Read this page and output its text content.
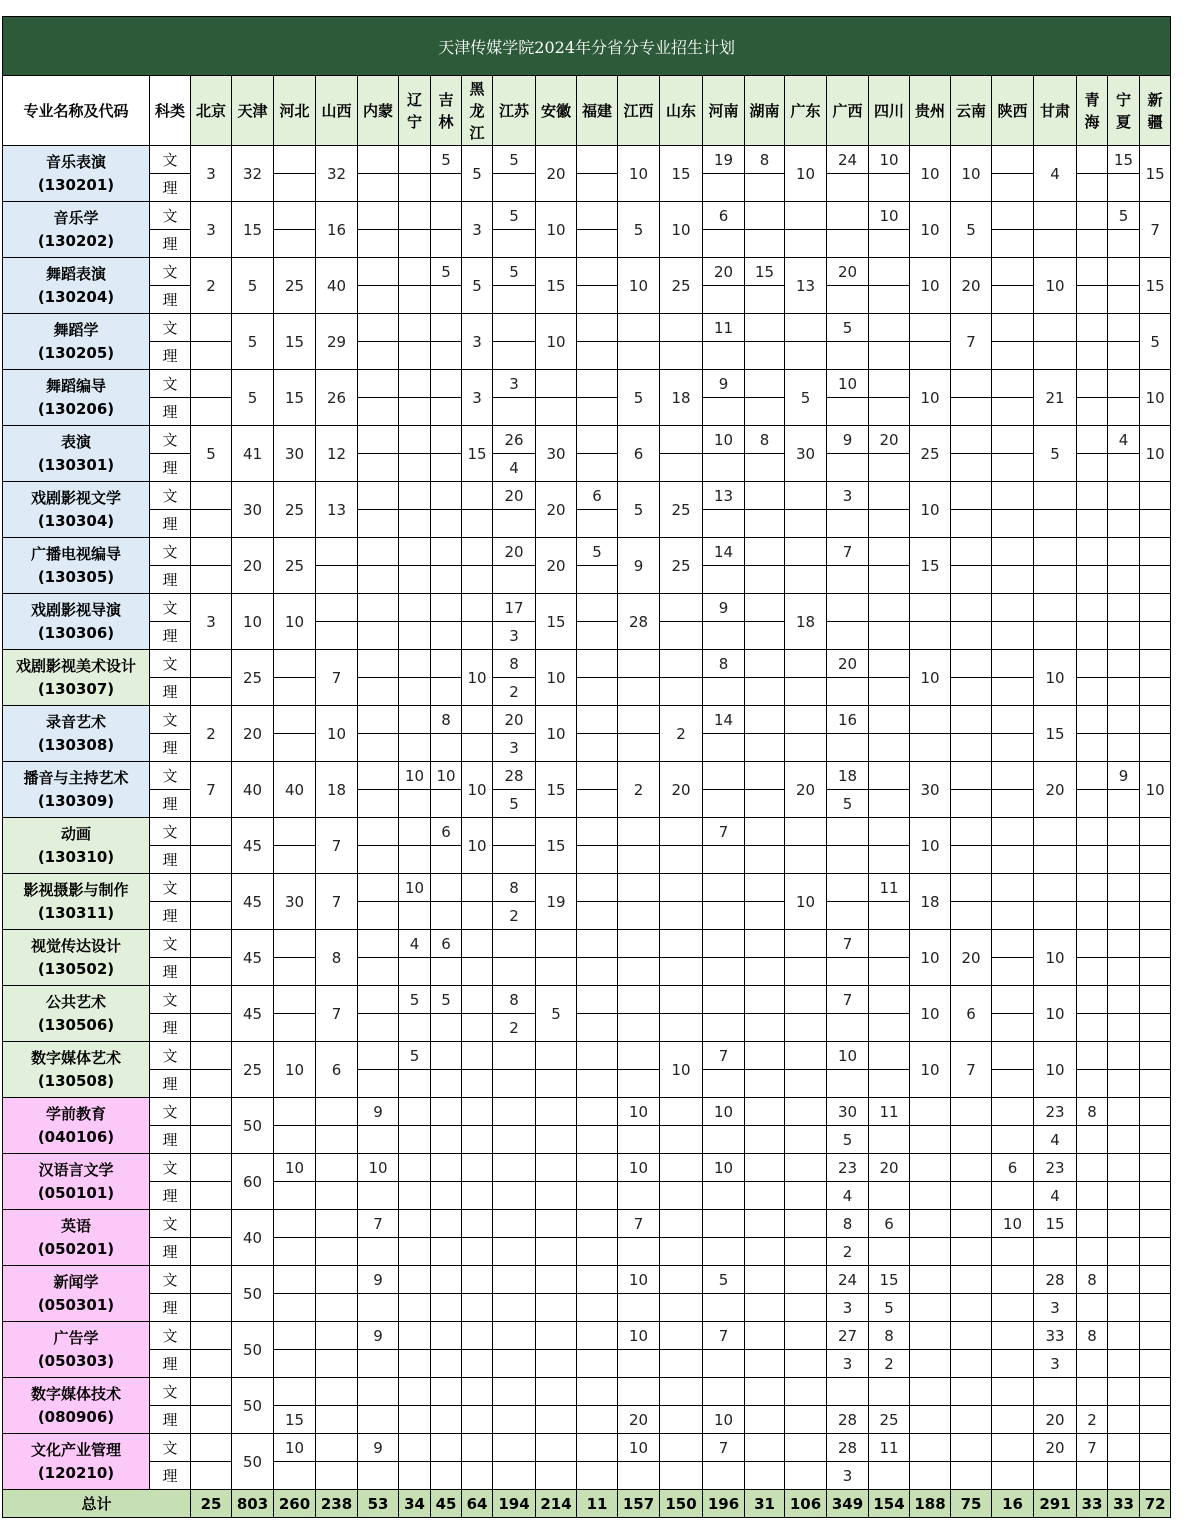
天津传媒学院2024年分省分专业招生计划																										
专业名称及代码	科类	北京	天津	河北	山西	内蒙	辽宁	吉林	黑龙江	江苏	安徽	福建	江西	山东	河南	湖南	广东	广西	四川	贵州	云南	陕西	甘肃	青海	宁夏	新疆

音乐表演
(130201)	文	3	32		32			5	5	5	20		10	15	19	8	10	24	10	10	10		4		15	15
	理																									

音乐学
(130202)	文	3	15		16				3	5	10		5	10	6				10	10	5				5	7
	理																									

舞蹈表演
(130204)	文	2	5	25	40			5	5	5	15		10	25	20	15	13	20		10	20		10			15
	理																									

舞蹈学
(130205)	文		5	15	29				3		10				11			5			7					5
	理																									

舞蹈编导
(130206)	文		5	15	26				3	3			5	18	9		5	10		10			21			10
	理																									

表演
(130301)	文	5	41	30	12				15	26	30		6		10	8	30	9	20	25			5		4	10
	理									4																

戏剧影视文学
(130304)	文		30	25	13					20	20	6	5	25	13			3		10						
	理																									

广播电视编导
(130305)	文		20	25						20	20	5	9	25	14			7		15						
	理																									

戏剧影视导演
(130306)	文	3	10	10						17	15		28		9		18									
	理									3																

戏剧影视美术设计
(130307)	文		25		7				10	8	10				8			20		10			10			
	理									2																

录音艺术
(130308)	文	2	20		10			8		20	10			2	14			16					15			
	理									3																

播音与主持艺术
(130309)	文	7	40	40	18		10	10	10	28	15		2	20			20	18		30			20		9	10
	理									5								5								

动画
(130310)	文		45		7			6	10		15				7					10						
	理																									

影视摄影与制作
(130311)	文		45	30	7		10			8	19						10		11	18						
	理									2																

视觉传达设计
(130502)	文		45		8		4	6										7		10	20		10			
	理																									

公共艺术
(130506)	文		45		7		5	5		8	5							7		10	6		10			
	理									2																

数字媒体艺术
(130508)	文		25	10	6		5							10	7			10		10	7		10			
	理																									

学前教育
(040106)	文		50			9							10		10			30	11				23	8		
	理																	5					4			

汉语言文学
(050101)	文		60	10		10							10		10			23	20			6	23			
	理																	4					4			

英语
(050201)	文		40			7							7					8	6			10	15			
	理																	2								

新闻学
(050301)	文		50			9							10		5			24	15				28	8		
	理																	3	5				3			

广告学
(050303)	文		50			9							10		7			27	8				33	8		
	理																	3	2				3			

数字媒体技术
(080906)	文		50																							
	理			15									20		10			28	25				20	2		

文化产业管理
(120210)	文		50	10		9							10		7			28	11				20	7		
	理																	3								
总计		25	803	260	238	53	34	45	64	194	214	11	157	150	196	31	106	349	154	188	75	16	291	33	33	72
